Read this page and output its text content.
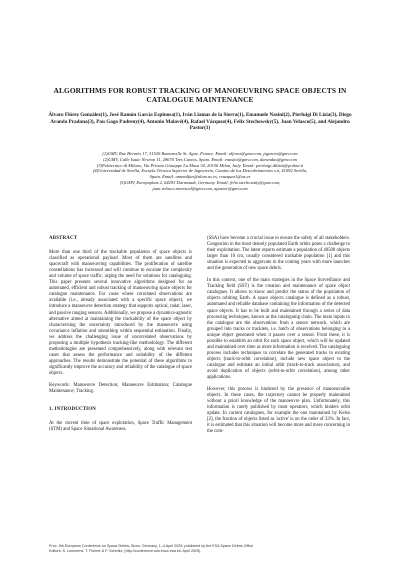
ALGORITHMS FOR ROBUST TRACKING OF MANOEUVRING SPACE OBJECTS IN CATALOGUE MAINTENANCE
Álvaro Flórez González(1), José Ramón García Espinosa(1), Iván Llamas de la Sierra(1), Emanuele Nasini(2), Pierluigi Di Lizia(3), Diego Aranda Pradana(3), Pau Gago Padreny(4), Antonio Malavé(4), Rafael Vázquez(4), Felix Stechowsky(5), Juan Velasco(5), and Alejandro Pastor(1)
(1)GMV, Rue Hermès 17, 31520 Ramonville St. Agne, France. Email: alforez@gmv.com, jrgarcia@gmv.com
(2)GMV, Calle Isaac Newton 11, 28670 Tres Cantos, Spain. Email: enasini@gmv.com, darandas@gmv.com
(3)Politecnico di Milano, Via Privata Giuseppe La Masa 34, 20156 Milan, Italy. Email: pierluigi.dilizia@polimi.it
(4)Universidad de Sevilla, Escuela Técnica Superior de Ingeniería, Camino de los Descubrimientos s.n, 41092 Sevilla,
Spain. Email: antmalfan@alum.us.es, rvazquez1@us.es
(5)GMV, Europaplatz 2, 64293 Darmstadt, Germany. Email: felix.stechowsky@gmv.com,
juan.velasco.mariscal@gmv.com, apastor@gmv.com
ABSTRACT

More than one third of the trackable population of space objects is classified as operational payload. Most of them are satellites and spacecraft with manoeuvring capabilities. The proliferation of satellite constellations has increased and will continue to escalate the complexity and volume of space traffic, urging the need for solutions for cataloguing. This paper presents several innovative algorithms designed for an automated, efficient and robust tracking of manoeuvring space objects for catalogue maintenance. For cases where correlated observations are available (i.e., already associated with a specific space object), we introduce a manoeuvre detection strategy that supports optical, radar, laser, and passive ranging sensors. Additionally, we propose a dynamics-agnostic alternative aimed at maintaining the trackability of the space object by characterising the uncertainty introduced by the manoeuvre using covariance inflation and smoothing within sequential estimation. Finally, we address the challenging issue of uncorrelated observations by proposing a multiple hypothesis tracking-like methodology. The different methodologies are presented comprehensively, along with relevant test cases that assess the performance and suitability of the different approaches. The results demonstrate the potential of these algorithms to significantly improve the accuracy and reliability of the catalogue of space objects.

Keywords: Manoeuvre Detection; Manoeuvre Estimation; Catalogue Maintenance; Tracking.

1. INTRODUCTION

At the current time of space exploration, Space Traffic Management (STM) and Space Situational Awareness

(SSA) have become a crucial issue to ensure the safety of all stakeholders. Congestion in the most densely populated Earth orbits poses a challenge to their exploitation. The latest reports estimate a population of 40500 objects larger than 10 cm, usually considered trackable population [1] and this situation is expected to aggravate in the coming years with more launches and the generation of new space debris.

In this context, one of the main strategies in the Space Surveillance and Tracking field (SST) is the creation and maintenance of space object catalogues. It allows to know and predict the status of the population of objects orbiting Earth. A space objects catalogue is defined as a robust, automated and reliable database containing the information of the detected space objects. It has to be built and maintained through a series of data processing techniques, known as the cataloguing chain. The main inputs to the catalogue are the observations from a sensor network, which are grouped into tracks or tracklets, i.e. batch of observations belonging to a unique object generated when it passes over a sensor. From these, it is possible to establish an orbit for each space object, which will be updated and maintained over time as more information is received. The cataloguing process includes techniques to correlate the generated tracks to existing objects (track-to-orbit correlation), include new space object to the catalogue and estimate an initial orbit (track-to-track association), and avoid duplication of objects (orbit-to-orbit correlation), among other applications.

However, this process is hindered by the presence of manoeuvrable objects. In these cases, the trajectory cannot be properly maintained without a priori knowledge of the manoeuvre plan. Unfortunately, this information is rarely published by most operators, which hinders orbit update. In current catalogues, for example the one maintained by Kelso [2], the fraction of objects listed as 'active' is on the order of 33%. In fact, it is estimated that this situation will become more and more concerning in the com-

Proc. 9th European Conference on Space Debris, Bonn, Germany, 1–4 April 2025, published by the ESA Space Debris Office
Editors: S. Lemmens, T. Flohrer & F. Schmitz, (http://conference.sdo.esoc.esa.int, April 2025)
